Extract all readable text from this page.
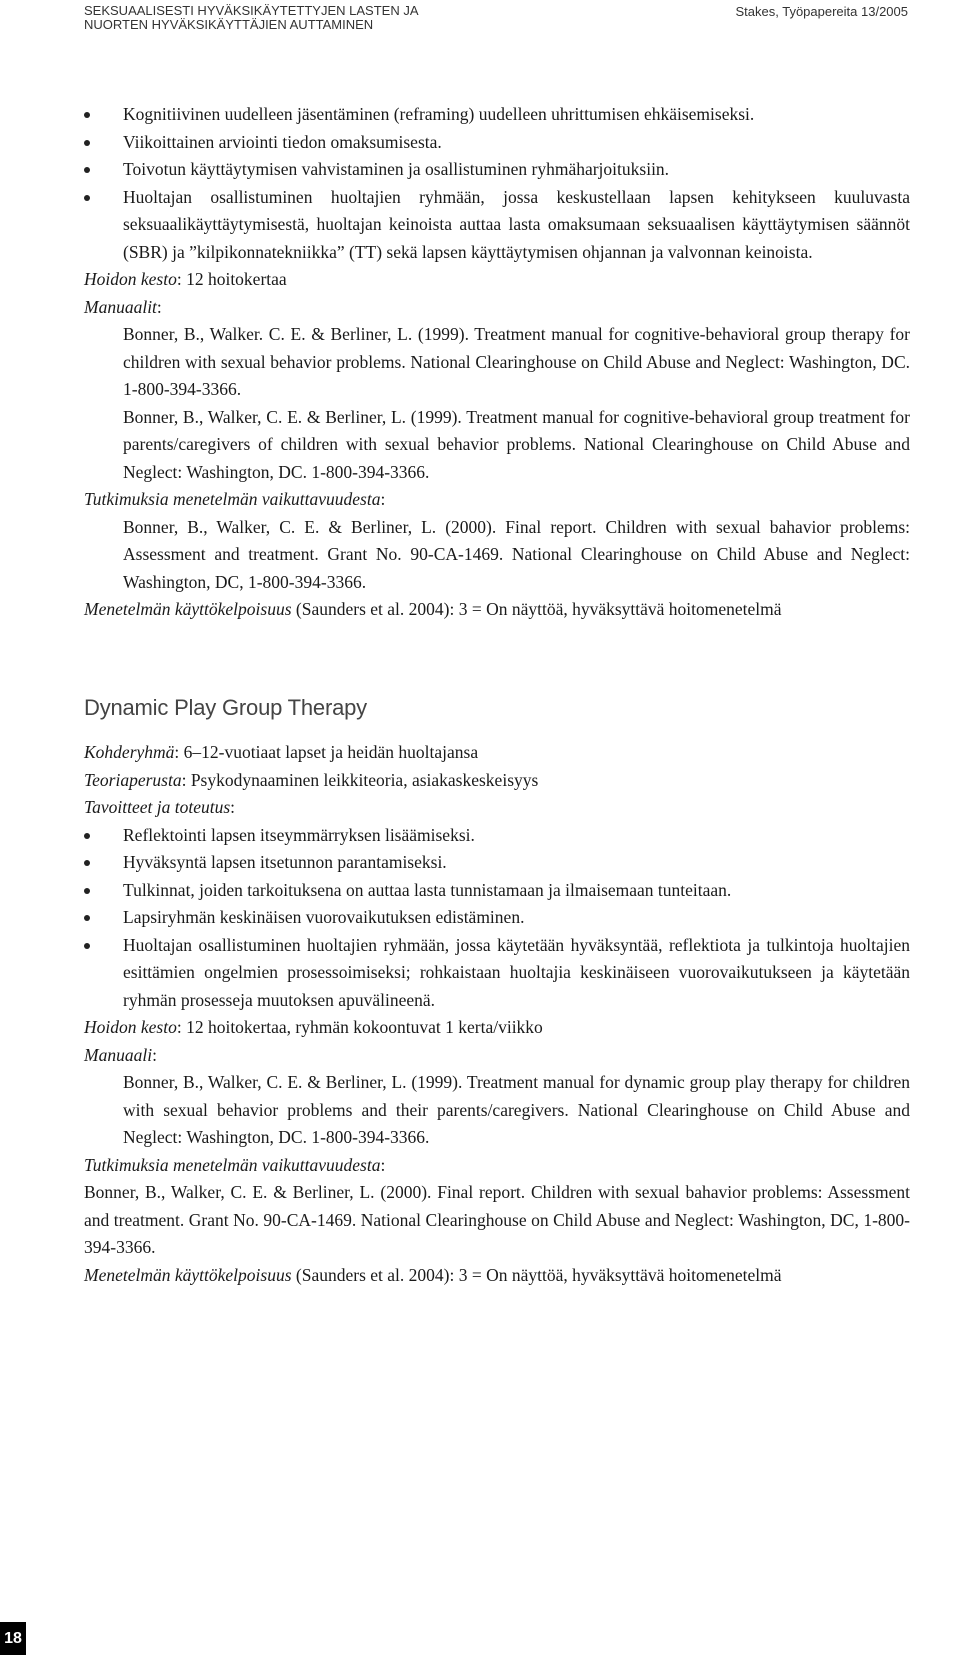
SEKSUAALISESTI HYVÄKSIKÄYTETTYJEN LASTEN JA
NUORTEN HYVÄKSIKÄYTTÄJIEN AUTTAMINEN
Stakes, Työpapereita 13/2005
Kognitiivinen uudelleen jäsentäminen (reframing) uudelleen uhrittumisen ehkäisemiseksi.
Viikoittainen arviointi tiedon omaksumisesta.
Toivotun käyttäytymisen vahvistaminen ja osallistuminen ryhmäharjoituksiin.
Huoltajan osallistuminen huoltajien ryhmään, jossa keskustellaan lapsen kehitykseen kuuluvasta seksuaalikäyttäytymisestä, huoltajan keinoista auttaa lasta omaksumaan seksuaalisen käyttäytymisen säännöt (SBR) ja ”kilpikonnatekniikka” (TT) sekä lapsen käyttäytymisen ohjannan ja valvonnan keinoista.

Hoidon kesto: 12 hoitokertaa

Manuaalit:

Bonner, B., Walker. C. E. & Berliner, L. (1999). Treatment manual for cognitive-behavioral group therapy for children with sexual behavior problems. National Clearinghouse on Child Abuse and Neglect: Washington, DC. 1-800-394-3366.

Bonner, B., Walker, C. E. & Berliner, L. (1999). Treatment manual for cognitive-behavioral group treatment for parents/caregivers of children with sexual behavior problems. National Clearinghouse on Child Abuse and Neglect: Washington, DC. 1-800-394-3366.

Tutkimuksia menetelmän vaikuttavuudesta:

Bonner, B., Walker, C. E. & Berliner, L. (2000). Final report. Children with sexual bahavior problems: Assessment and treatment. Grant No. 90-CA-1469. National Clearinghouse on Child Abuse and Neglect: Washington, DC, 1-800-394-3366.

Menetelmän käyttökelpoisuus (Saunders et al. 2004): 3 = On näyttöä, hyväksyttävä hoitomenetelmä

Dynamic Play Group Therapy

Kohderyhmä: 6–12-vuotiaat lapset ja heidän huoltajansa

Teoriaperusta: Psykodynaaminen leikkiteoria, asiakaskeskeisyys

Tavoitteet ja toteutus:

Reflektointi lapsen itseymmärryksen lisäämiseksi.
Hyväksyntä lapsen itsetunnon parantamiseksi.
Tulkinnat, joiden tarkoituksena on auttaa lasta tunnistamaan ja ilmaisemaan tunteitaan.
Lapsiryhmän keskinäisen vuorovaikutuksen edistäminen.
Huoltajan osallistuminen huoltajien ryhmään, jossa käytetään hyväksyntää, reflektiota ja tulkintoja huoltajien esittämien ongelmien prosessoimiseksi; rohkaistaan huoltajia keskinäiseen vuorovaikutukseen ja käytetään ryhmän prosesseja muutoksen apuvälineenä.

Hoidon kesto: 12 hoitokertaa, ryhmän kokoontuvat 1 kerta/viikko

Manuaali:

Bonner, B., Walker, C. E. & Berliner, L. (1999). Treatment manual for dynamic group play therapy for children with sexual behavior problems and their parents/caregivers. National Clearinghouse on Child Abuse and Neglect: Washington, DC. 1-800-394-3366.

Tutkimuksia menetelmän vaikuttavuudesta:

Bonner, B., Walker, C. E. & Berliner, L. (2000). Final report. Children with sexual bahavior problems: Assessment and treatment. Grant No. 90-CA-1469. National Clearinghouse on Child Abuse and Neglect: Washington, DC, 1-800-394-3366.

Menetelmän käyttökelpoisuus (Saunders et al. 2004): 3 = On näyttöä, hyväksyttävä hoitomenetelmä

18
